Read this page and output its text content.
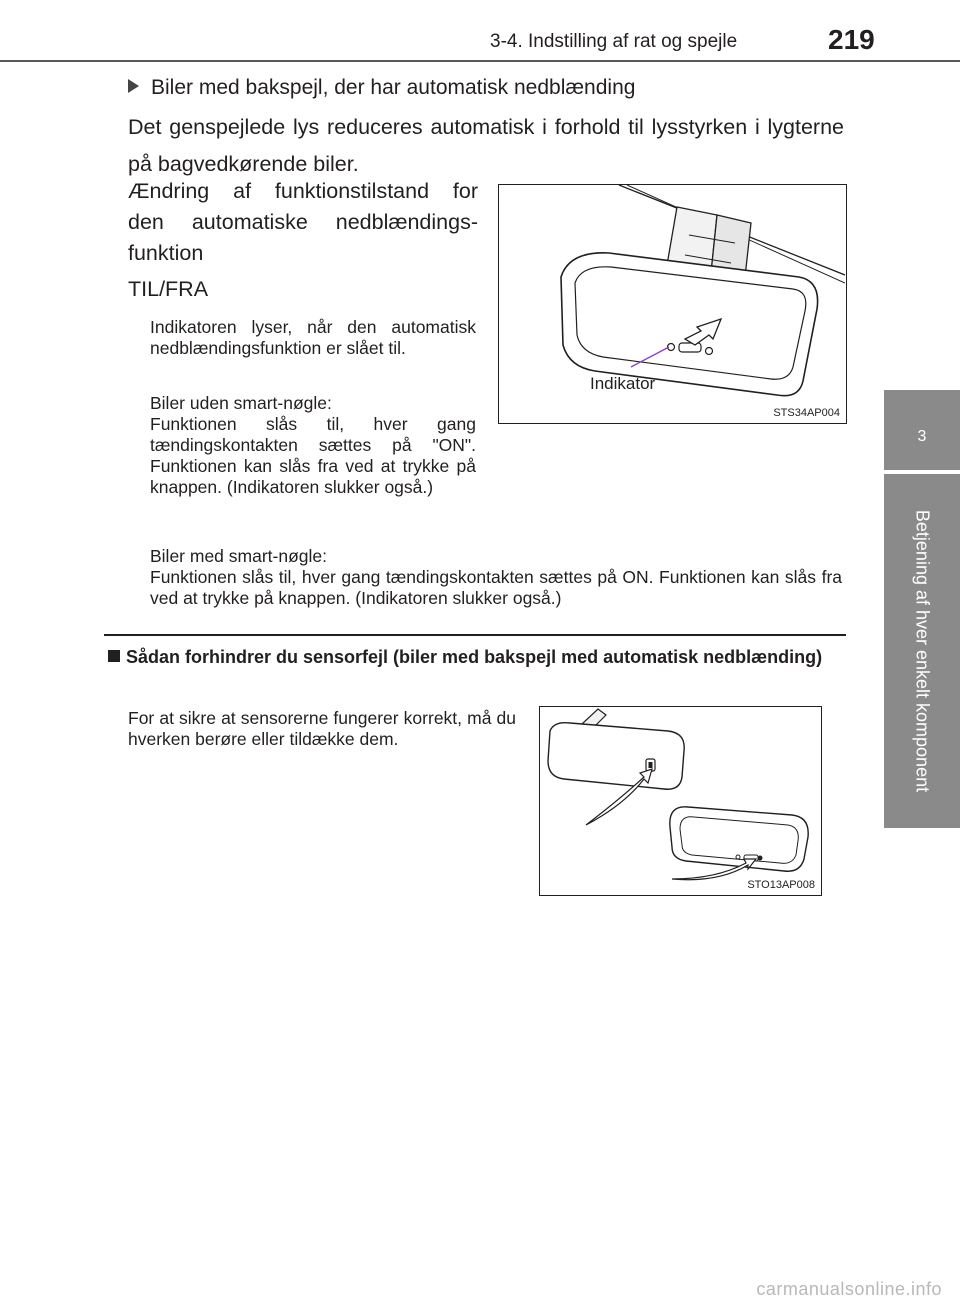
3-4. Indstilling af rat og spejle	219
3
Betjening af hver enkelt komponent
Biler med bakspejl, der har automatisk nedblænding
Det genspejlede lys reduceres automatisk i forhold til lysstyrken i lygterne på bagvedkørende biler.
Ændring af funktionstilstand for
den automatiske nedblændings-
funktion
TIL/FRA
Indikatoren lyser, når den automatisk nedblændingsfunktion er slået til.
Biler uden smart-nøgle:
Funktionen slås til, hver gang tændingskontakten sættes på "ON". Funktionen kan slås fra ved at trykke på knappen. (Indikatoren slukker også.)
Biler med smart-nøgle:
Funktionen slås til, hver gang tændingskontakten sættes på ON. Funktionen kan slås fra ved at trykke på knappen. (Indikatoren slukker også.)
Indikator
STS34AP004
Sådan forhindrer du sensorfejl (biler med bakspejl med automatisk nedblænding)
For at sikre at sensorerne fungerer korrekt, må du hverken berøre eller tildække dem.
STO13AP008
carmanualsonline.info
